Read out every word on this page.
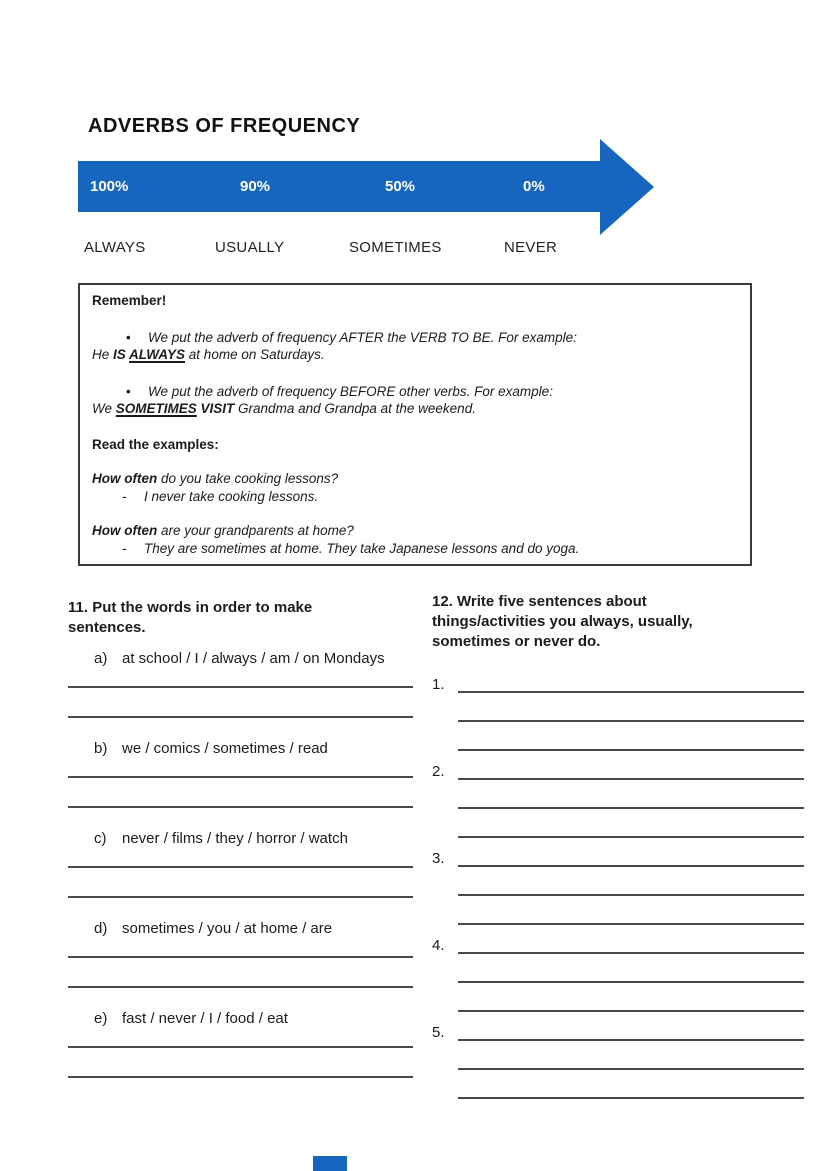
ADVERBS OF FREQUENCY
100%	90%	50%	0%
ALWAYS	USUALLY	SOMETIMES	NEVER
Remember!
• We put the adverb of frequency AFTER the VERB TO BE. For example:
He IS ALWAYS at home on Saturdays.
• We put the adverb of frequency BEFORE other verbs. For example:
We SOMETIMES VISIT Grandma and Grandpa at the weekend.
Read the examples:
How often do you take cooking lessons?
- I never take cooking lessons.
How often are your grandparents at home?
- They are sometimes at home. They take Japanese lessons and do yoga.
11. Put the words in order to make sentences.
a) at school / I / always / am / on Mondays
b) we / comics / sometimes / read
c)	never / films / they / horror / watch
d) sometimes / you / at home / are
e) fast / never / I / food / eat
12. Write five sentences about things/activities you always, usually, sometimes or never do.
1.
2.
3.
4.
5.
